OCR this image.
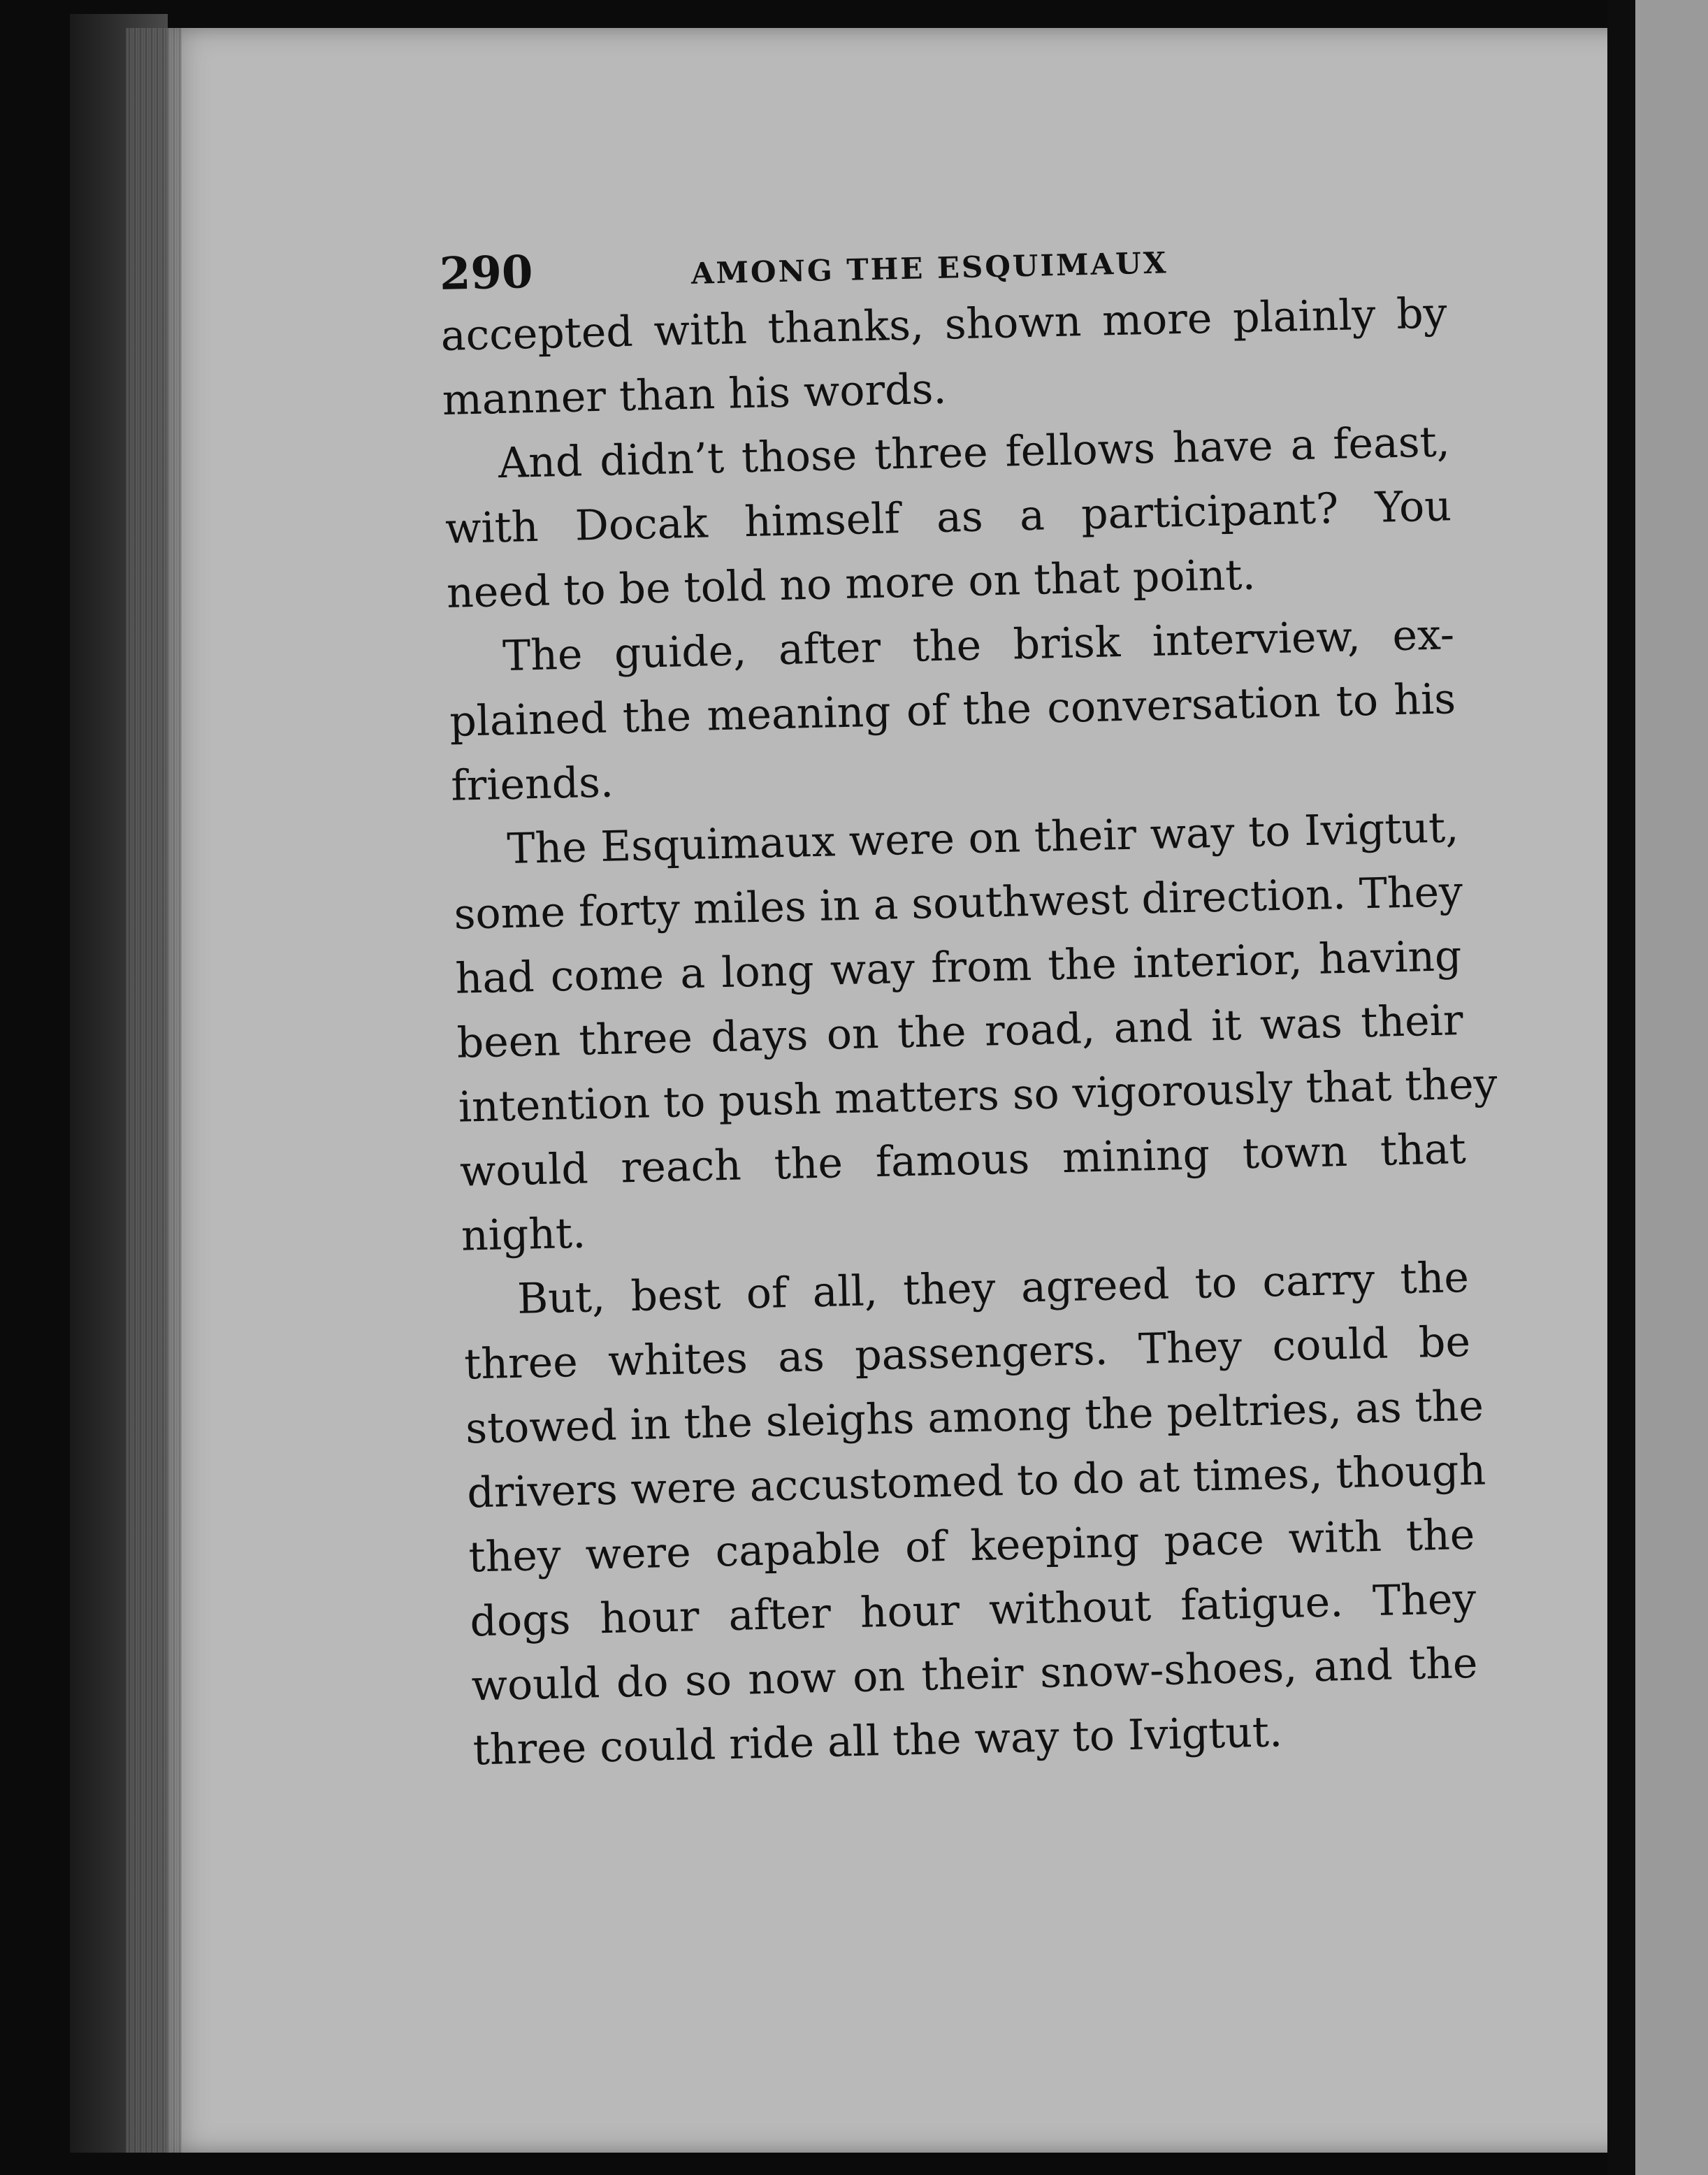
290	AMONG THE ESQUIMAUX

accepted with thanks, shown more plainly by
manner than his words.

And didn’t those three fellows have a feast,
with Docak himself as a participant? You
need to be told no more on that point.

The guide, after the brisk interview, ex-
plained the meaning of the conversation to his
friends.

The Esquimaux were on their way to Ivigtut,
some forty miles in a southwest direction. They
had come a long way from the interior, having
been three days on the road, and it was their
intention to push matters so vigorously that they
would reach the famous mining town that
night.

But, best of all, they agreed to carry the
three whites as passengers. They could be
stowed in the sleighs among the peltries, as the
drivers were accustomed to do at times, though
they were capable of keeping pace with the
dogs hour after hour without fatigue. They
would do so now on their snow-shoes, and the
three could ride all the way to Ivigtut.
